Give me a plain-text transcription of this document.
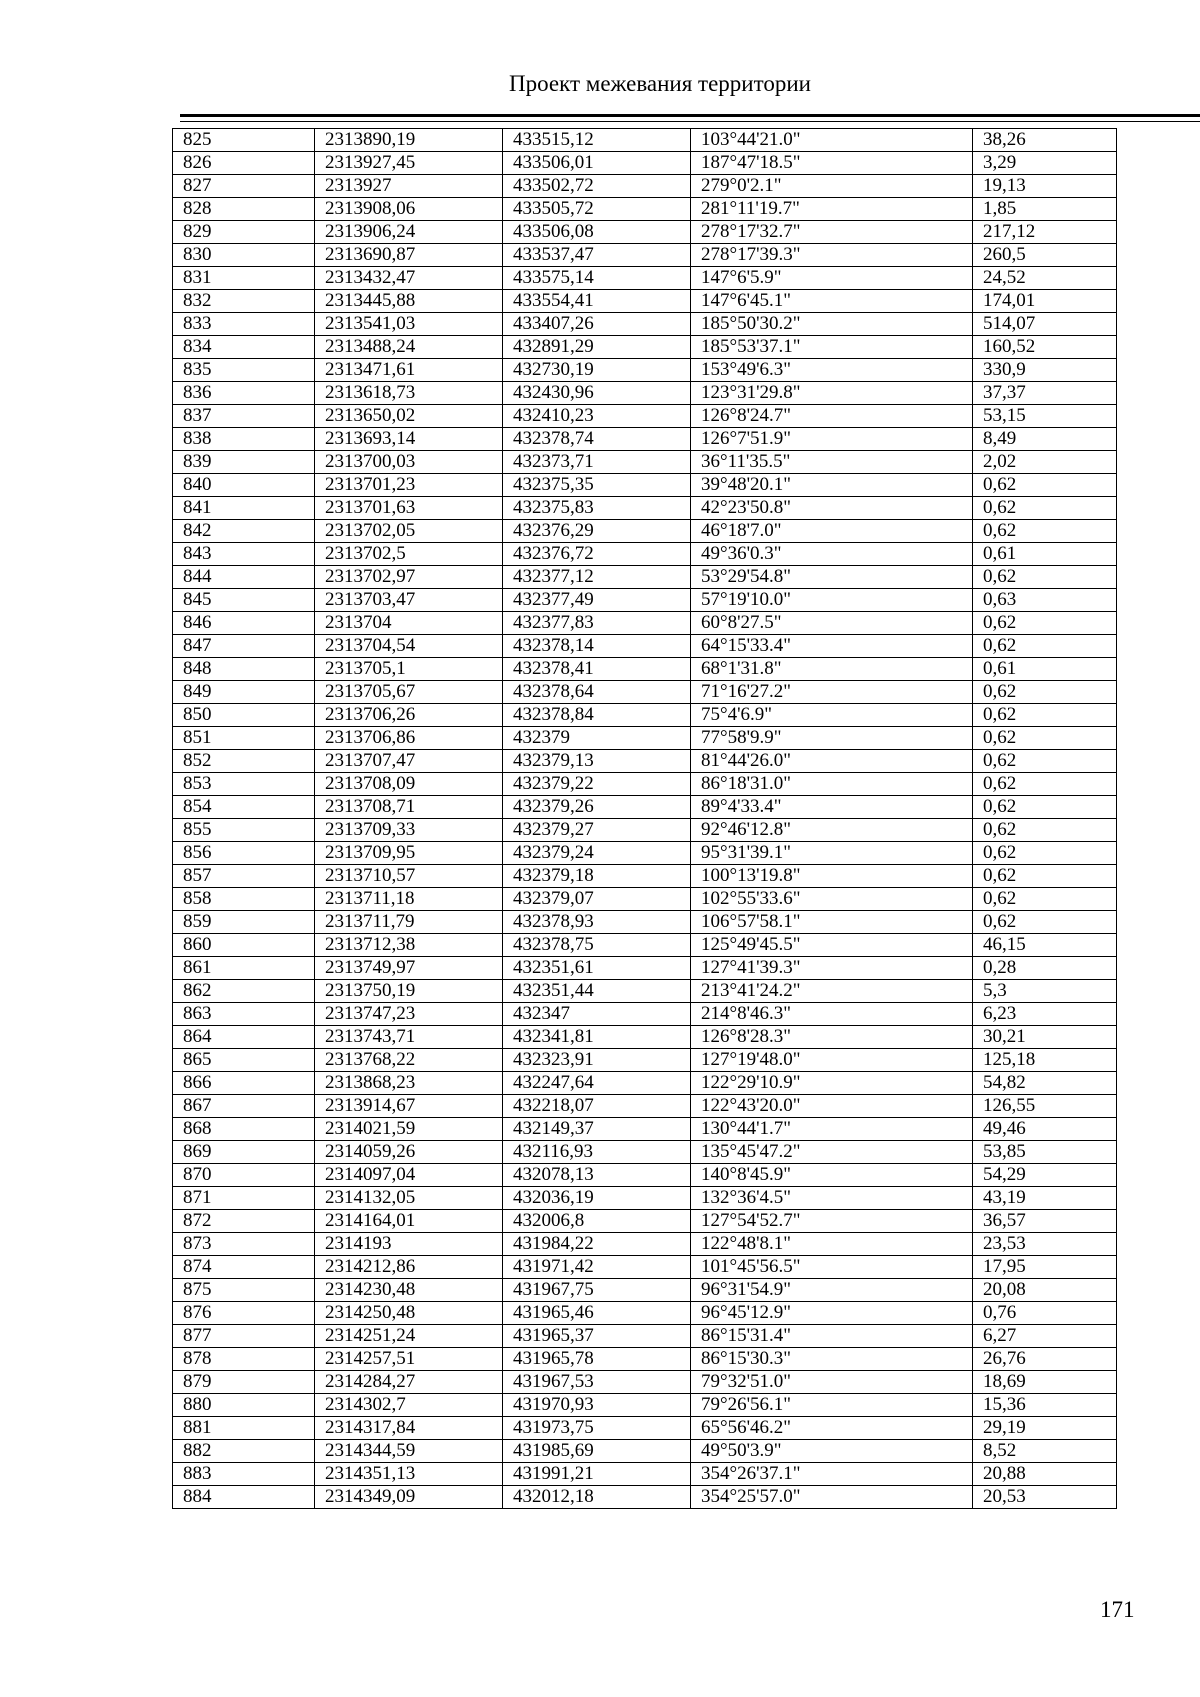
Проект межевания территории
825	2313890,19	433515,12	103°44'21.0"	38,26
826	2313927,45	433506,01	187°47'18.5"	3,29
827	2313927	433502,72	279°0'2.1"	19,13
828	2313908,06	433505,72	281°11'19.7"	1,85
829	2313906,24	433506,08	278°17'32.7"	217,12
830	2313690,87	433537,47	278°17'39.3"	260,5
831	2313432,47	433575,14	147°6'5.9"	24,52
832	2313445,88	433554,41	147°6'45.1"	174,01
833	2313541,03	433407,26	185°50'30.2"	514,07
834	2313488,24	432891,29	185°53'37.1"	160,52
835	2313471,61	432730,19	153°49'6.3"	330,9
836	2313618,73	432430,96	123°31'29.8"	37,37
837	2313650,02	432410,23	126°8'24.7"	53,15
838	2313693,14	432378,74	126°7'51.9"	8,49
839	2313700,03	432373,71	36°11'35.5"	2,02
840	2313701,23	432375,35	39°48'20.1"	0,62
841	2313701,63	432375,83	42°23'50.8"	0,62
842	2313702,05	432376,29	46°18'7.0"	0,62
843	2313702,5	432376,72	49°36'0.3"	0,61
844	2313702,97	432377,12	53°29'54.8"	0,62
845	2313703,47	432377,49	57°19'10.0"	0,63
846	2313704	432377,83	60°8'27.5"	0,62
847	2313704,54	432378,14	64°15'33.4"	0,62
848	2313705,1	432378,41	68°1'31.8"	0,61
849	2313705,67	432378,64	71°16'27.2"	0,62
850	2313706,26	432378,84	75°4'6.9"	0,62
851	2313706,86	432379	77°58'9.9"	0,62
852	2313707,47	432379,13	81°44'26.0"	0,62
853	2313708,09	432379,22	86°18'31.0"	0,62
854	2313708,71	432379,26	89°4'33.4"	0,62
855	2313709,33	432379,27	92°46'12.8"	0,62
856	2313709,95	432379,24	95°31'39.1"	0,62
857	2313710,57	432379,18	100°13'19.8"	0,62
858	2313711,18	432379,07	102°55'33.6"	0,62
859	2313711,79	432378,93	106°57'58.1"	0,62
860	2313712,38	432378,75	125°49'45.5"	46,15
861	2313749,97	432351,61	127°41'39.3"	0,28
862	2313750,19	432351,44	213°41'24.2"	5,3
863	2313747,23	432347	214°8'46.3"	6,23
864	2313743,71	432341,81	126°8'28.3"	30,21
865	2313768,22	432323,91	127°19'48.0"	125,18
866	2313868,23	432247,64	122°29'10.9"	54,82
867	2313914,67	432218,07	122°43'20.0"	126,55
868	2314021,59	432149,37	130°44'1.7"	49,46
869	2314059,26	432116,93	135°45'47.2"	53,85
870	2314097,04	432078,13	140°8'45.9"	54,29
871	2314132,05	432036,19	132°36'4.5"	43,19
872	2314164,01	432006,8	127°54'52.7"	36,57
873	2314193	431984,22	122°48'8.1"	23,53
874	2314212,86	431971,42	101°45'56.5"	17,95
875	2314230,48	431967,75	96°31'54.9"	20,08
876	2314250,48	431965,46	96°45'12.9"	0,76
877	2314251,24	431965,37	86°15'31.4"	6,27
878	2314257,51	431965,78	86°15'30.3"	26,76
879	2314284,27	431967,53	79°32'51.0"	18,69
880	2314302,7	431970,93	79°26'56.1"	15,36
881	2314317,84	431973,75	65°56'46.2"	29,19
882	2314344,59	431985,69	49°50'3.9"	8,52
883	2314351,13	431991,21	354°26'37.1"	20,88
884	2314349,09	432012,18	354°25'57.0"	20,53
171
